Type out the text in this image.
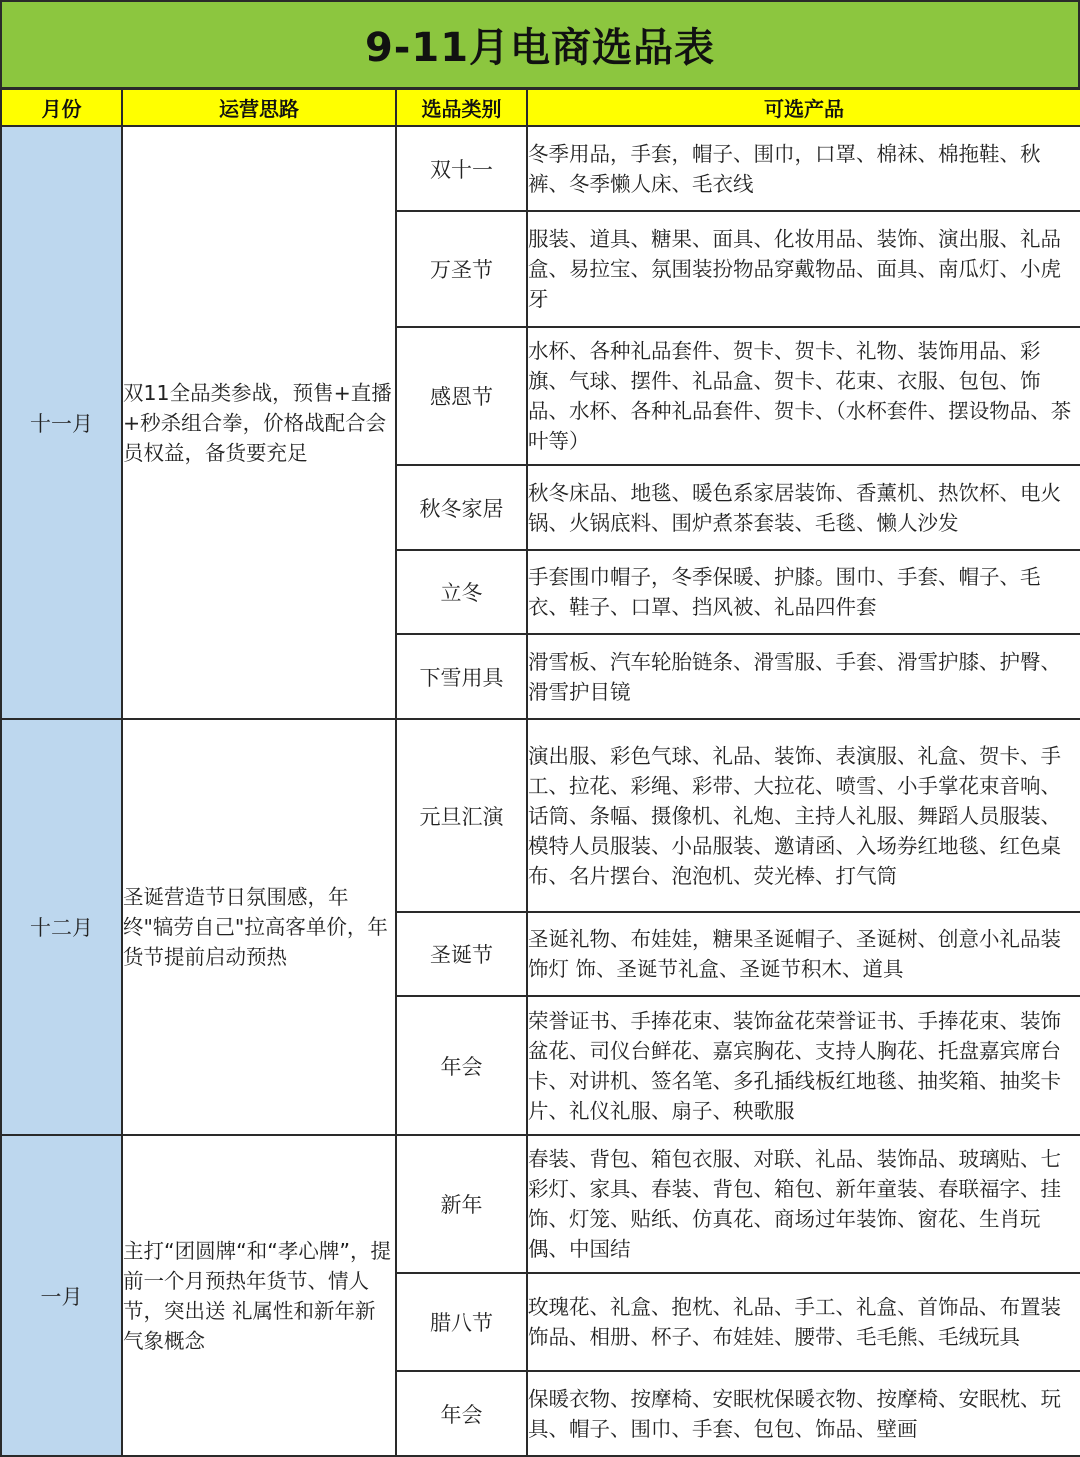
9-11月电商选品表
月份	运营思路	选品类别	可选产品
十一月	双11全品类参战，预售+直播+秒杀组合拳，价格战配合会员权益，备货要充足	双十一	冬季用品，手套，帽子、围巾，口罩、棉袜、棉拖鞋、秋裤、冬季懒人床、毛衣线
		万圣节	服装、道具、糖果、面具、化妆用品、装饰、演出服、礼品盒、易拉宝、氛围装扮物品穿戴物品、面具、南瓜灯、小虎牙
		感恩节	水杯、各种礼品套件、贺卡、贺卡、礼物、装饰用品、彩旗、气球、摆件、礼品盒、贺卡、花束、衣服、包包、饰品、水杯、各种礼品套件、贺卡、（水杯套件、摆设物品、茶叶等）
		秋冬家居	秋冬床品、地毯、暖色系家居装饰、香薰机、热饮杯、电火锅、火锅底料、围炉煮茶套装、毛毯、懒人沙发
		立冬	手套围巾帽子，冬季保暖、护膝。围巾、手套、帽子、毛衣、鞋子、口罩、挡风被、礼品四件套
		下雪用具	滑雪板、汽车轮胎链条、滑雪服、手套、滑雪护膝、护臀、滑雪护目镜
十二月	圣诞营造节日氛围感，年终"犒劳自己"拉高客单价，年货节提前启动预热	元旦汇演	演出服、彩色气球、礼品、装饰、表演服、礼盒、贺卡、手工、拉花、彩绳、彩带、大拉花、喷雪、小手掌花束音响、话筒、条幅、摄像机、礼炮、主持人礼服、舞蹈人员服装、模特人员服装、小品服装、邀请函、入场券红地毯、红色桌布、名片摆台、泡泡机、荧光棒、打气筒
		圣诞节	圣诞礼物、布娃娃，糖果圣诞帽子、圣诞树、创意小礼品装饰灯 饰、圣诞节礼盒、圣诞节积木、道具
		年会	荣誉证书、手捧花束、装饰盆花荣誉证书、手捧花束、装饰盆花、司仪台鲜花、嘉宾胸花、支持人胸花、托盘嘉宾席台卡、对讲机、签名笔、多孔插线板红地毯、抽奖箱、抽奖卡片、礼仪礼服、扇子、秧歌服
一月	主打“团圆牌“和“孝心牌”，提前一个月预热年货节、情人节，突出送 礼属性和新年新气象概念	新年	春装、背包、箱包衣服、对联、礼品、装饰品、玻璃贴、七彩灯、家具、春装、背包、箱包、新年童装、春联福字、挂饰、灯笼、贴纸、仿真花、商场过年装饰、窗花、生肖玩偶、中国结
		腊八节	玫瑰花、礼盒、抱枕、礼品、手工、礼盒、首饰品、布置装饰品、相册、杯子、布娃娃、腰带、毛毛熊、毛绒玩具
		年会	保暖衣物、按摩椅、安眠枕保暖衣物、按摩椅、安眠枕、玩具、帽子、围巾、手套、包包、饰品、壁画
